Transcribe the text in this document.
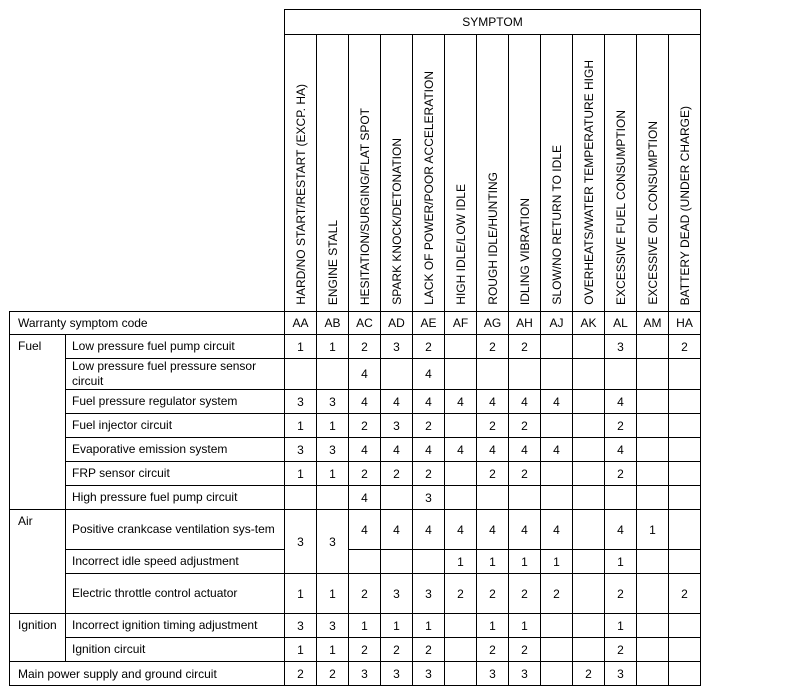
		SYMPTOM												

		HARD/NO START/RESTART (EXCP. HA)	ENGINE STALL	HESITATION/SURGING/FLAT SPOT	SPARK KNOCK/DETONATION	LACK OF POWER/POOR ACCELERATION	HIGH IDLE/LOW IDLE	ROUGH IDLE/HUNTING	IDLING VIBRATION	SLOW/NO RETURN TO IDLE	OVERHEATS/WATER TEMPERATURE HIGH	EXCESSIVE FUEL CONSUMPTION	EXCESSIVE OIL CONSUMPTION	BATTERY DEAD (UNDER CHARGE)

Warranty symptom code		AA	AB	AC	AD	AE	AF	AG	AH	AJ	AK	AL	AM	HA
Fuel	Low pressure fuel pump circuit	1	1	2	3	2		2	2			3		2
	Low pressure fuel pressure sensor circuit			4		4								
	Fuel pressure regulator system	3	3	4	4	4	4	4	4	4		4		
	Fuel injector circuit	1	1	2	3	2		2	2			2		
	Evaporative emission system	3	3	4	4	4	4	4	4	4		4		
	FRP sensor circuit	1	1	2	2	2		2	2			2		
	High pressure fuel pump circuit			4		3								
Air	Positive crankcase ventilation sys-tem	3	3	4	4	4	4	4	4	4		4	1	
	Incorrect idle speed adjustment						1	1	1	1		1		
	Electric throttle control actuator	1	1	2	3	3	2	2	2	2		2		2
Ignition	Incorrect ignition timing adjustment	3	3	1	1	1		1	1			1		
	Ignition circuit	1	1	2	2	2		2	2			2		
Main power supply and ground circuit		2	2	3	3	3		3	3		2	3		
